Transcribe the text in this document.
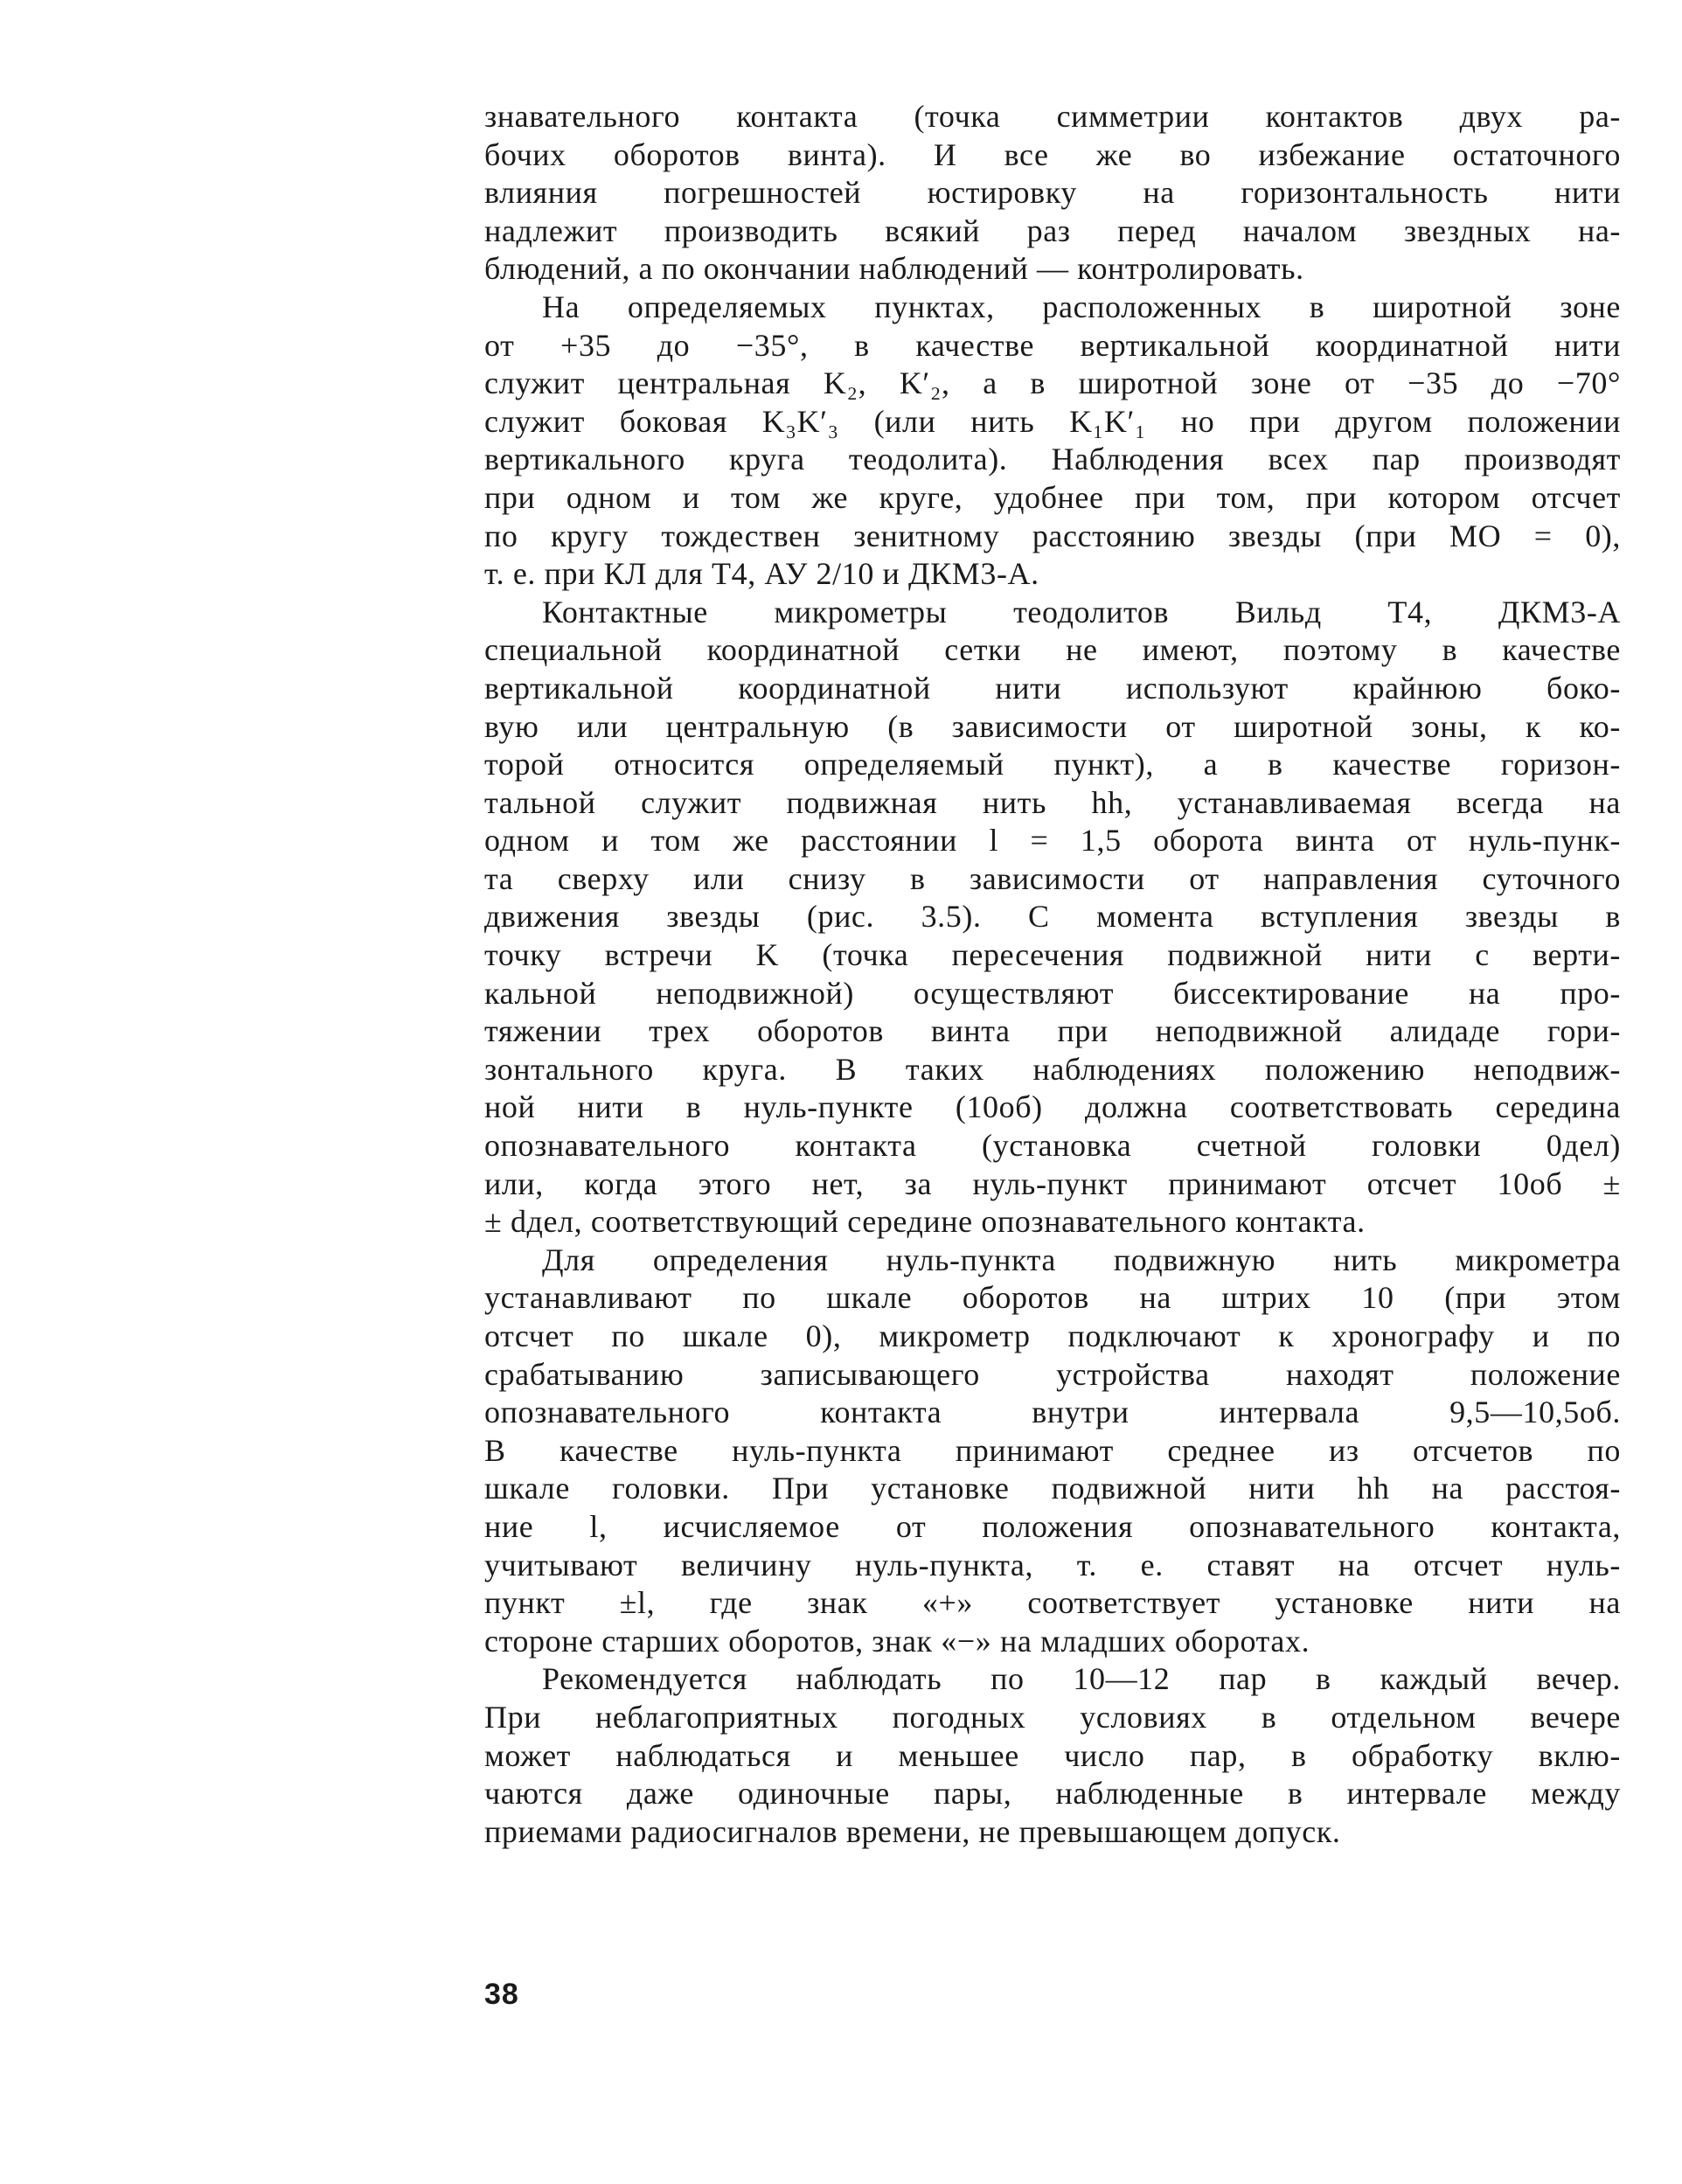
знавательного контакта (точка симметрии контактов двух ра-
бочих оборотов винта). И все же во избежание остаточного
влияния погрешностей юстировку на горизонтальность нити
надлежит производить всякий раз перед началом звездных на-
блюдений, а по окончании наблюдений — контролировать.
На определяемых пунктах, расположенных в широтной зоне
от +35 до −35°, в качестве вертикальной координатной нити
служит центральная K₂, K′₂, а в широтной зоне от −35 до −70°
служит боковая K₃K′₃ (или нить K₁K′₁ но при другом положении
вертикального круга теодолита). Наблюдения всех пар производят
при одном и том же круге, удобнее при том, при котором отсчет
по кругу тождествен зенитному расстоянию звезды (при МО = 0),
т. е. при КЛ для Т4, АУ 2/10 и ДКМ3-А.
Контактные микрометры теодолитов Вильд Т4, ДКМ3-А
специальной координатной сетки не имеют, поэтому в качестве
вертикальной координатной нити используют крайнюю боко-
вую или центральную (в зависимости от широтной зоны, к ко-
торой относится определяемый пункт), а в качестве горизон-
тальной служит подвижная нить hh, устанавливаемая всегда на
одном и том же расстоянии l = 1,5 оборота винта от нуль-пунк-
та сверху или снизу в зависимости от направления суточного
движения звезды (рис. 3.5). С момента вступления звезды в
точку встречи K (точка пересечения подвижной нити с верти-
кальной неподвижной) осуществляют биссектирование на про-
тяжении трех оборотов винта при неподвижной алидаде гори-
зонтального круга. В таких наблюдениях положению неподвиж-
ной нити в нуль-пункте (10об) должна соответствовать середина
опознавательного контакта (установка счетной головки 0дел)
или, когда этого нет, за нуль-пункт принимают отсчет 10об ±
± dдел, соответствующий середине опознавательного контакта.
Для определения нуль-пункта подвижную нить микрометра
устанавливают по шкале оборотов на штрих 10 (при этом
отсчет по шкале 0), микрометр подключают к хронографу и по
срабатыванию записывающего устройства находят положение
опознавательного контакта внутри интервала 9,5—10,5об.
В качестве нуль-пункта принимают среднее из отсчетов по
шкале головки. При установке подвижной нити hh на расстоя-
ние l, исчисляемое от положения опознавательного контакта,
учитывают величину нуль-пункта, т. е. ставят на отсчет нуль-
пункт ±l, где знак «+» соответствует установке нити на
стороне старших оборотов, знак «−» на младших оборотах.
Рекомендуется наблюдать по 10—12 пар в каждый вечер.
При неблагоприятных погодных условиях в отдельном вечере
может наблюдаться и меньшее число пар, в обработку вклю-
чаются даже одиночные пары, наблюденные в интервале между
приемами радиосигналов времени, не превышающем допуск.
38
